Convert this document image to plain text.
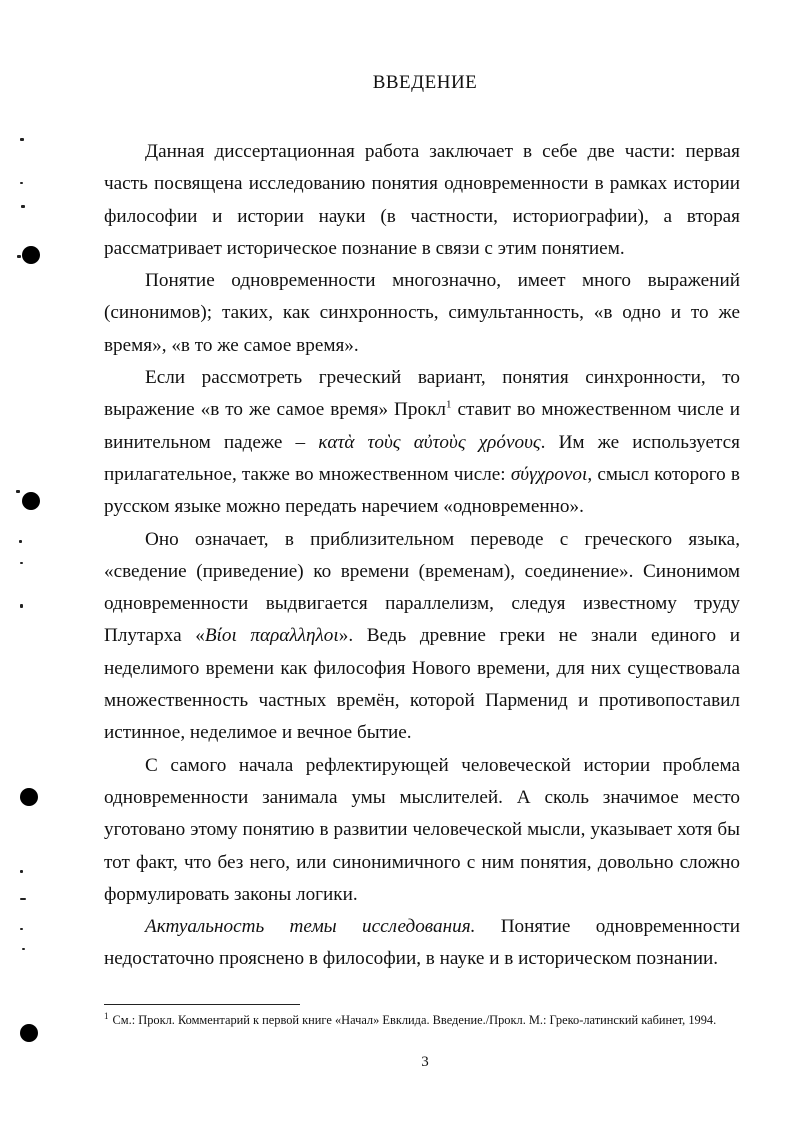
ВВЕДЕНИЕ

Данная диссертационная работа заключает в себе две части: первая часть посвящена исследованию понятия одновременности в рамках истории философии и истории науки (в частности, историографии), а вторая рассматривает историческое познание в связи с этим понятием.

Понятие одновременности многозначно, имеет много выражений (синонимов); таких, как синхронность, симультанность, «в одно и то же время», «в то же самое время».

Если рассмотреть греческий вариант, понятия синхронности, то выражение «в то же самое время» Прокл$^1$ ставит во множественном числе и винительном падеже – κατὰ τοὺς αὐτοὺς χρόνους. Им же используется прилагательное, также во множественном числе: σύγχρονοι, смысл которого в русском языке можно передать наречием «одновременно».

Оно означает, в приблизительном переводе с греческого языка, «сведение (приведение) ко времени (временам), соединение». Синонимом одновременности выдвигается параллелизм, следуя известному труду Плутарха «Βίοι παραλληλοι». Ведь древние греки не знали единого и неделимого времени как философия Нового времени, для них существовала множественность частных времён, которой Парменид и противопоставил истинное, неделимое и вечное бытие.

С самого начала рефлектирующей человеческой истории проблема одновременности занимала умы мыслителей. А сколь значимое место уготовано этому понятию в развитии человеческой мысли, указывает хотя бы тот факт, что без него, или синонимичного с ним понятия, довольно сложно формулировать законы логики.

Актуальность темы исследования. Понятие одновременности недостаточно прояснено в философии, в науке и в историческом познании.

$^1$ См.: Прокл. Комментарий к первой книге «Начал» Евклида. Введение./Прокл. М.: Греко-латинский кабинет, 1994.
3
